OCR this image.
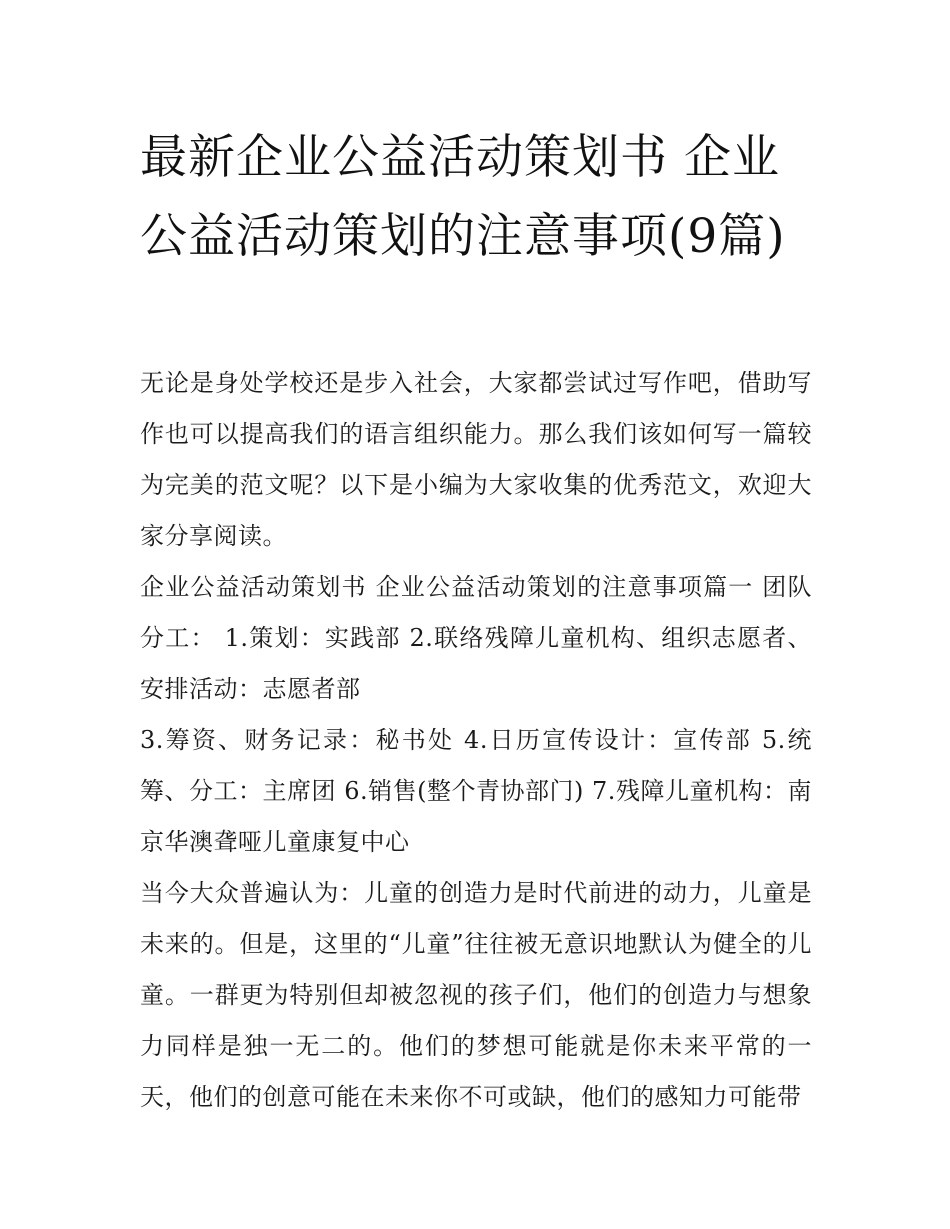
最新企业公益活动策划书 企业公益活动策划的注意事项(9篇)

无论是身处学校还是步入社会，大家都尝试过写作吧，借助写作也可以提高我们的语言组织能力。那么我们该如何写一篇较为完美的范文呢？以下是小编为大家收集的优秀范文，欢迎大家分享阅读。

企业公益活动策划书 企业公益活动策划的注意事项篇一 团队分工： 1.策划：实践部 2.联络残障儿童机构、组织志愿者、安排活动：志愿者部

3.筹资、财务记录：秘书处 4.日历宣传设计：宣传部 5.统筹、分工：主席团 6.销售(整个青协部门) 7.残障儿童机构：南京华澳聋哑儿童康复中心

当今大众普遍认为：儿童的创造力是时代前进的动力，儿童是未来的。但是，这里的“儿童”往往被无意识地默认为健全的儿童。一群更为特别但却被忽视的孩子们，他们的创造力与想象力同样是独一无二的。他们的梦想可能就是你未来平常的一天，他们的创意可能在未来你不可或缺，他们的感知力可能带
